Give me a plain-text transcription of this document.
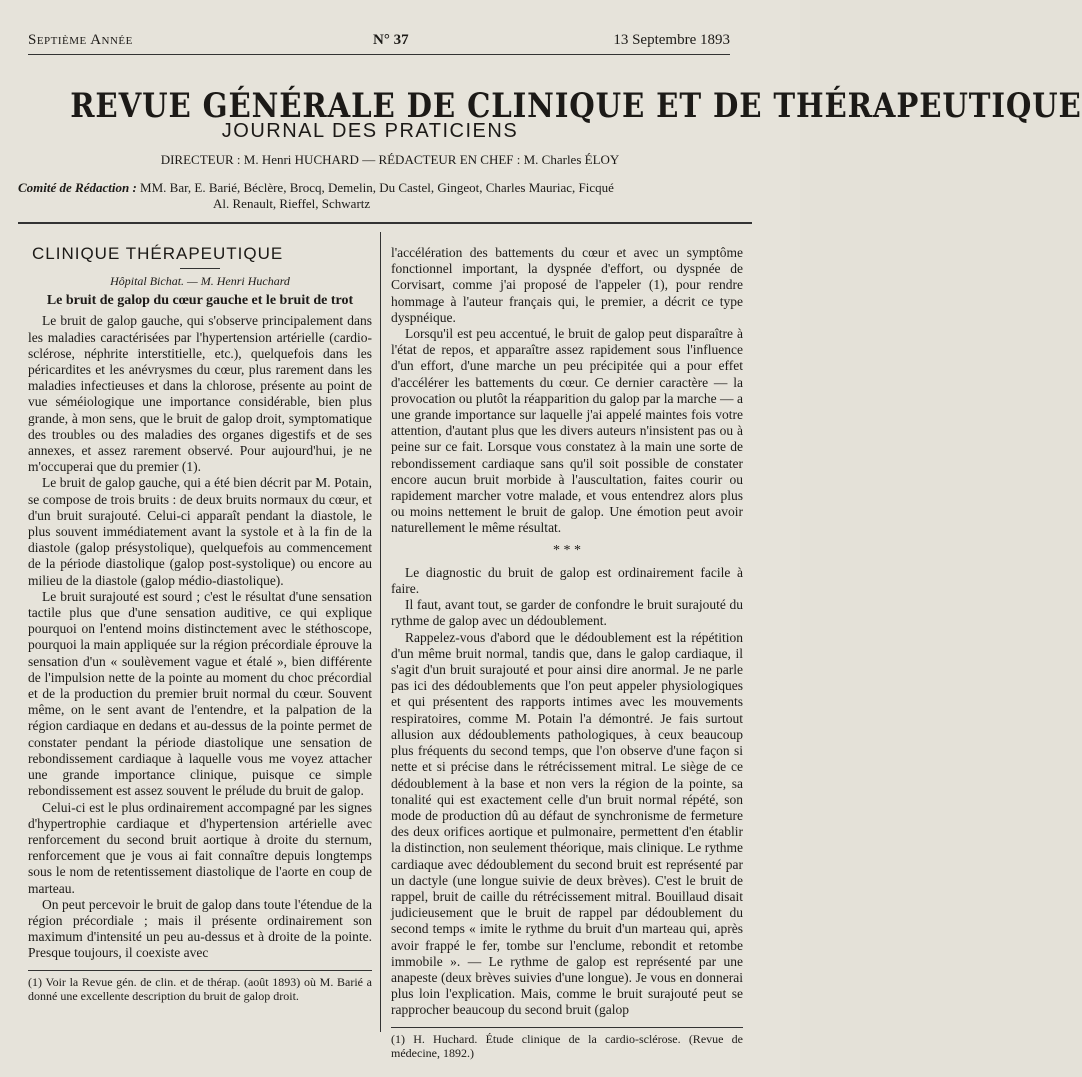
Septième Année	N° 37	13 Septembre 1893
REVUE GÉNÉRALE DE CLINIQUE ET DE THÉRAPEUTIQUE
JOURNAL DES PRATICIENS
DIRECTEUR : M. Henri HUCHARD — RÉDACTEUR EN CHEF : M. Charles ÉLOY
Comité de Rédaction : MM. Bar, E. Barié, Béclère, Brocq, Demelin, Du Castel, Gingeot, Charles Mauriac, Ficqué
Al. Renault, Rieffel, Schwartz
CLINIQUE THÉRAPEUTIQUE
Hôpital Bichat. — M. Henri Huchard
Le bruit de galop du cœur gauche et le bruit de trot

Le bruit de galop gauche, qui s'observe principalement dans les maladies caractérisées par l'hypertension artérielle (cardio-sclérose, néphrite interstitielle, etc.), quelquefois dans les péricardites et les anévrysmes du cœur, plus rarement dans les maladies infectieuses et dans la chlorose, présente au point de vue séméiologique une importance considérable, bien plus grande, à mon sens, que le bruit de galop droit, symptomatique des troubles ou des maladies des organes digestifs et de ses annexes, et assez rarement observé. Pour aujourd'hui, je ne m'occuperai que du premier (1).

Le bruit de galop gauche, qui a été bien décrit par M. Potain, se compose de trois bruits : de deux bruits normaux du cœur, et d'un bruit surajouté. Celui-ci apparaît pendant la diastole, le plus souvent immédiatement avant la systole et à la fin de la diastole (galop présystolique), quelquefois au commencement de la période diastolique (galop post-systolique) ou encore au milieu de la diastole (galop médio-diastolique).

Le bruit surajouté est sourd ; c'est le résultat d'une sensation tactile plus que d'une sensation auditive, ce qui explique pourquoi on l'entend moins distinctement avec le stéthoscope, pourquoi la main appliquée sur la région précordiale éprouve la sensation d'un « soulèvement vague et étalé », bien différente de l'impulsion nette de la pointe au moment du choc précordial et de la production du premier bruit normal du cœur. Souvent même, on le sent avant de l'entendre, et la palpation de la région cardiaque en dedans et au-dessus de la pointe permet de constater pendant la période diastolique une sensation de rebondissement cardiaque à laquelle vous me voyez attacher une grande importance clinique, puisque ce simple rebondissement est assez souvent le prélude du bruit de galop.

Celui-ci est le plus ordinairement accompagné par les signes d'hypertrophie cardiaque et d'hypertension artérielle avec renforcement du second bruit aortique à droite du sternum, renforcement que je vous ai fait connaître depuis longtemps sous le nom de retentissement diastolique de l'aorte en coup de marteau.

On peut percevoir le bruit de galop dans toute l'étendue de la région précordiale ; mais il présente ordinairement son maximum d'intensité un peu au-dessus et à droite de la pointe. Presque toujours, il coexiste avec

(1) Voir la Revue gén. de clin. et de thérap. (août 1893) où M. Barié a donné une excellente description du bruit de galop droit.

l'accélération des battements du cœur et avec un symptôme fonctionnel important, la dyspnée d'effort, ou dyspnée de Corvisart, comme j'ai proposé de l'appeler (1), pour rendre hommage à l'auteur français qui, le premier, a décrit ce type dyspnéique.

Lorsqu'il est peu accentué, le bruit de galop peut disparaître à l'état de repos, et apparaître assez rapidement sous l'influence d'un effort, d'une marche un peu précipitée qui a pour effet d'accélérer les battements du cœur. Ce dernier caractère — la provocation ou plutôt la réapparition du galop par la marche — a une grande importance sur laquelle j'ai appelé maintes fois votre attention, d'autant plus que les divers auteurs n'insistent pas ou à peine sur ce fait. Lorsque vous constatez à la main une sorte de rebondissement cardiaque sans qu'il soit possible de constater encore aucun bruit morbide à l'auscultation, faites courir ou rapidement marcher votre malade, et vous entendrez alors plus ou moins nettement le bruit de galop. Une émotion peut avoir naturellement le même résultat.

* * *

Le diagnostic du bruit de galop est ordinairement facile à faire.

Il faut, avant tout, se garder de confondre le bruit surajouté du rythme de galop avec un dédoublement.

Rappelez-vous d'abord que le dédoublement est la répétition d'un même bruit normal, tandis que, dans le galop cardiaque, il s'agit d'un bruit surajouté et pour ainsi dire anormal. Je ne parle pas ici des dédoublements que l'on peut appeler physiologiques et qui présentent des rapports intimes avec les mouvements respiratoires, comme M. Potain l'a démontré. Je fais surtout allusion aux dédoublements pathologiques, à ceux beaucoup plus fréquents du second temps, que l'on observe d'une façon si nette et si précise dans le rétrécissement mitral. Le siège de ce dédoublement à la base et non vers la région de la pointe, sa tonalité qui est exactement celle d'un bruit normal répété, son mode de production dû au défaut de synchronisme de fermeture des deux orifices aortique et pulmonaire, permettent d'en établir la distinction, non seulement théorique, mais clinique. Le rythme cardiaque avec dédoublement du second bruit est représenté par un dactyle (une longue suivie de deux brèves). C'est le bruit de rappel, bruit de caille du rétrécissement mitral. Bouillaud disait judicieusement que le bruit de rappel par dédoublement du second temps « imite le rythme du bruit d'un marteau qui, après avoir frappé le fer, tombe sur l'enclume, rebondit et retombe immobile ». — Le rythme de galop est représenté par une anapeste (deux brèves suivies d'une longue). Je vous en donnerai plus loin l'explication. Mais, comme le bruit surajouté peut se rapprocher beaucoup du second bruit (galop

(1) H. Huchard. Étude clinique de la cardio-sclérose. (Revue de médecine, 1892.)
